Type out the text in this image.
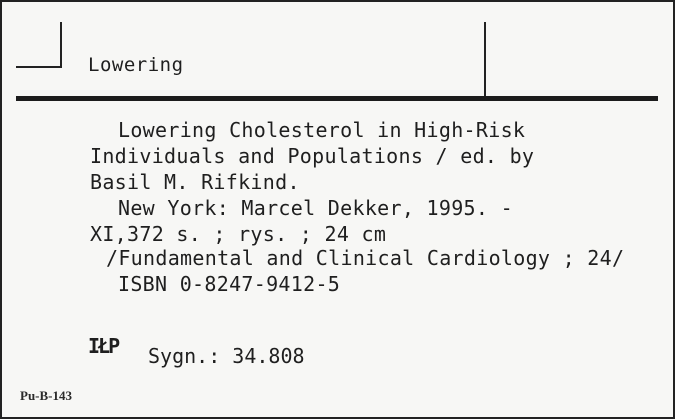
Lowering
Lowering Cholesterol in High-Risk
Individuals and Populations / ed. by
Basil M. Rifkind.
New York: Marcel Dekker, 1995. -
XI,372 s. ; rys. ; 24 cm
/Fundamental and Clinical Cardiology ; 24/
ISBN 0-8247-9412-5
IŁP Sygn.: 34.808
Pu-B-143
